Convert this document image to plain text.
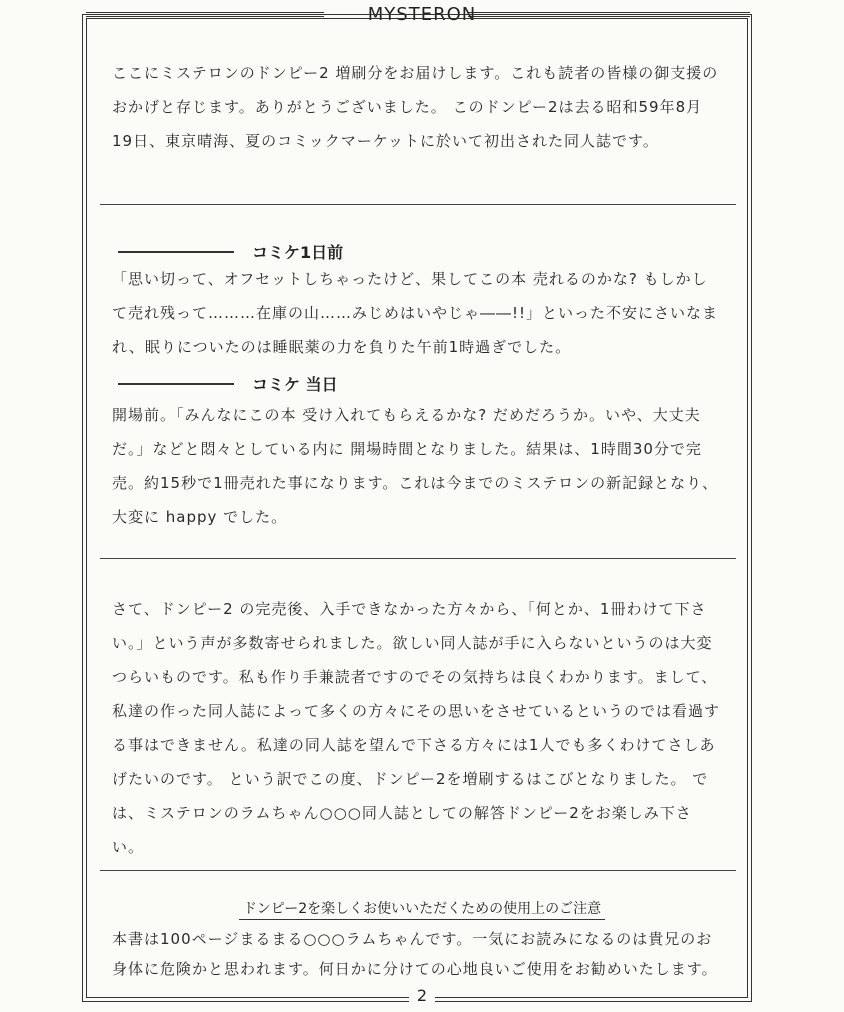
MYSTERON
ここにミステロンのドンピー2 増刷分をお届けします。これも読者の皆様の御支援のおかげと存じます。ありがとうございました。 このドンピー2は去る昭和59年8月19日、東京晴海、夏のコミックマーケットに於いて初出された同人誌です。
コミケ1日前
「思い切って、オフセットしちゃったけど、果してこの本 売れるのかな? もしかして売れ残って………在庫の山……みじめはいやじゃ――!!」といった不安にさいなまれ、眠りについたのは睡眠薬の力を負りた午前1時過ぎでした。
コミケ 当日
開場前。「みんなにこの本 受け入れてもらえるかな? だめだろうか。いや、大丈夫だ。」などと悶々としている内に 開場時間となりました。結果は、1時間30分で完売。約15秒で1冊売れた事になります。これは今までのミステロンの新記録となり、大変に happy でした。
さて、ドンピー2 の完売後、入手できなかった方々から、「何とか、1冊わけて下さい。」という声が多数寄せられました。欲しい同人誌が手に入らないというのは大変つらいものです。私も作り手兼読者ですのでその気持ちは良くわかります。まして、私達の作った同人誌によって多くの方々にその思いをさせているというのでは看過する事はできません。私達の同人誌を望んで下さる方々には1人でも多くわけてさしあげたいのです。 という訳でこの度、ドンピー2を増刷するはこびとなりました。 では、ミステロンのラムちゃん○○○同人誌としての解答ドンピー2をお楽しみ下さい。
ドンピー2を楽しくお使いいただくための使用上のご注意
本書は100ページまるまる○○○ラムちゃんです。一気にお読みになるのは貴兄のお身体に危険かと思われます。何日かに分けての心地良いご使用をお勧めいたします。
2
